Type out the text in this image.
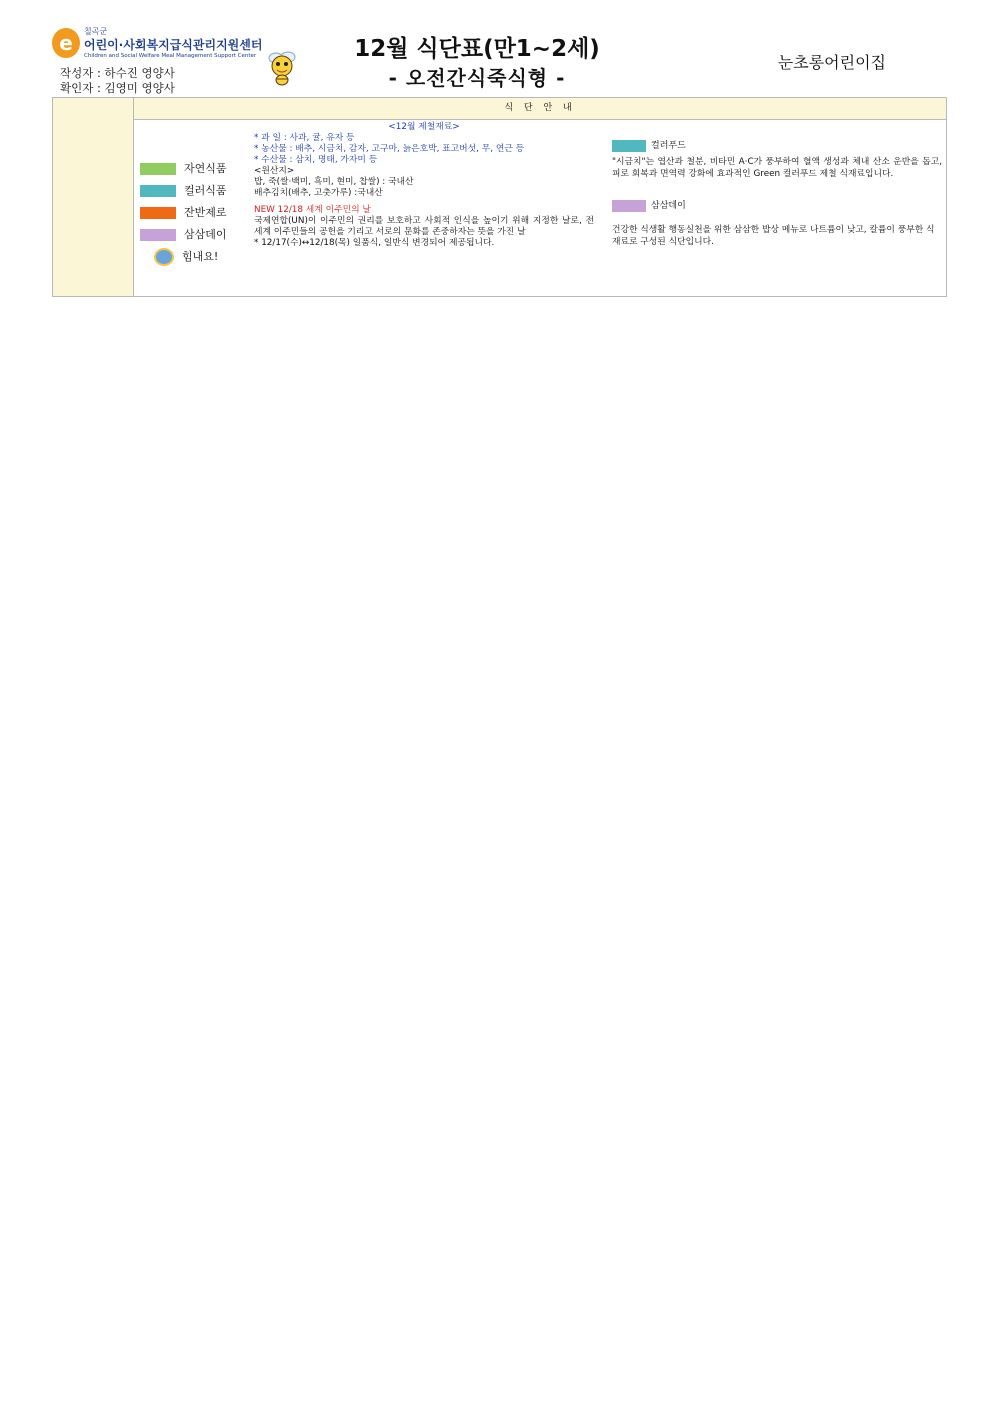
e	칠곡군
어린이·사회복지급식관리지원센터
Children and Social Welfare Meal Management Support Center
작성자 : 하수진 영양사
확인자 : 김영미 영양사
12월 식단표(만1~2세)
- 오전간식죽식형 -
눈초롱어린이집
	식 단 안 내

자연식품
컬러식품
잔반제로
삼삼데이
힘내요!
<12월 제철재료>
* 과 일 : 사과, 귤, 유자 등
* 농산물 : 배추, 시금치, 감자, 고구마, 늙은호박, 표고버섯, 무, 연근 등
* 수산물 : 삼치, 명태, 가자미 등
<원산지>
밥, 죽(쌀·백미, 흑미, 현미, 찹쌀) : 국내산
배추김치(배추, 고춧가루) :국내산
NEW 12/18 세계 이주민의 날
국제연합(UN)이 이주민의 권리를 보호하고 사회적 인식을 높이기 위해 지정한 날로, 전 세계 이주민들의 공헌을 기리고 서로의 문화를 존중하자는 뜻을 가진 날
* 12/17(수)↔12/18(목) 일품식, 일반식 변경되어 제공됩니다.
컬러푸드
"시금치"는 엽산과 철분, 비타민 A·C가 풍부하여 혈액 생성과 체내 산소 운반을 돕고, 피로 회복과 면역력 강화에 효과적인 Green 컬러푸드 제철 식재료입니다.
삼삼데이
건강한 식생활 행동실천을 위한 삼삼한 밥상 메뉴로 나트륨이 낮고, 칼륨이 풍부한 식재료로 구성된 식단입니다.
